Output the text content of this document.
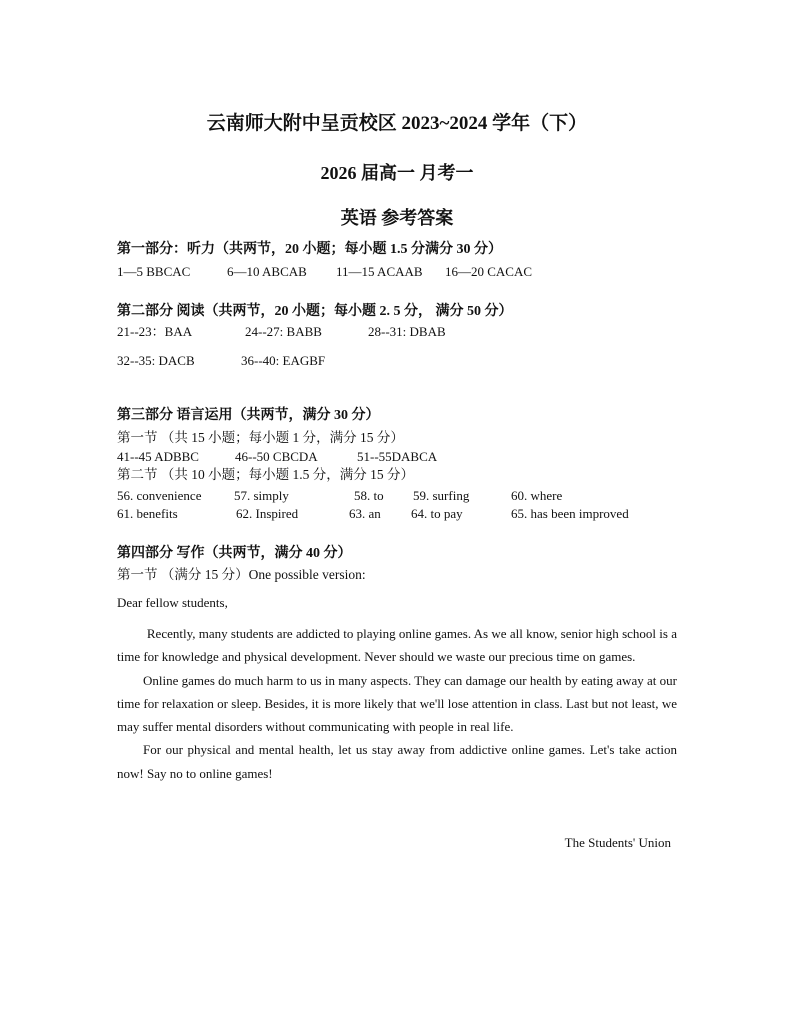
云南师大附中呈贡校区 2023~2024 学年（下）
2026 届高一 月考一
英语 参考答案
第一部分：听力（共两节，20 小题；每小题 1.5 分满分 30 分）
1—5 BBCAC	6—10 ABCAB 11—15 ACAAB 16—20 CACAC
第二部分 阅读（共两节，20 小题；每小题 2. 5 分， 满分 50 分）
21--23：BAA	24--27: BABB	28--31: DBAB
32--35: DACB	36--40: EAGBF
第三部分 语言运用（共两节，满分 30 分）
第一节 （共 15 小题；每小题 1 分，满分 15 分）
41--45 ADBBC	46--50 CBCDA	51--55DABCA
第二节 （共 10 小题；每小题 1.5 分，满分 15 分）
56. convenience	57. simply	58. to 59. surfing	60. where
61. benefits	62. Inspired	63. an 64. to pay	65. has been improved
第四部分 写作（共两节，满分 40 分）
第一节 （满分 15 分）One possible version:
Dear fellow students,

Recently, many students are addicted to playing online games. As we all know, senior high school is a time for knowledge and physical development. Never should we waste our precious time on games.

Online games do much harm to us in many aspects. They can damage our health by eating away at our time for relaxation or sleep. Besides, it is more likely that we'll lose attention in class. Last but not least, we may suffer mental disorders without communicating with people in real life.

For our physical and mental health, let us stay away from addictive online games. Let's take action now! Say no to online games!

The Students' Union
